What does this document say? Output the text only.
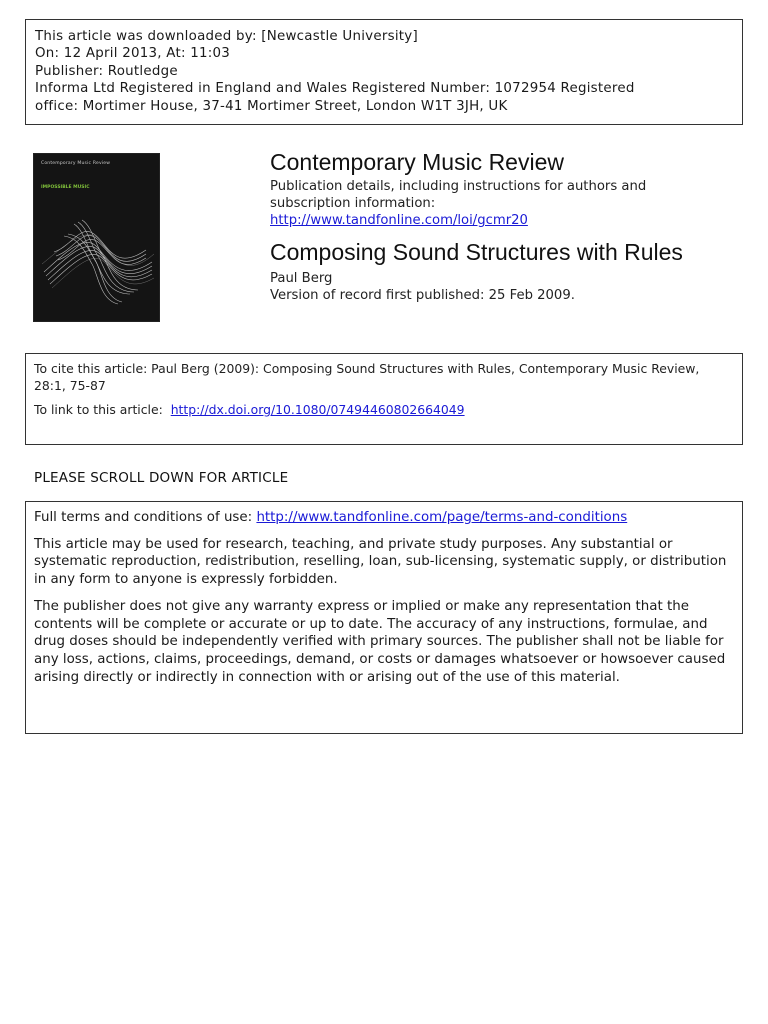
This article was downloaded by: [Newcastle University]
On: 12 April 2013, At: 11:03
Publisher: Routledge
Informa Ltd Registered in England and Wales Registered Number: 1072954 Registered
office: Mortimer House, 37-41 Mortimer Street, London W1T 3JH, UK
Contemporary Music Review
IMPOSSIBLE MUSIC
Contemporary Music Review
Publication details, including instructions for authors and
subscription information:
http://www.tandfonline.com/loi/gcmr20
Composing Sound Structures with Rules
Paul Berg
Version of record first published: 25 Feb 2009.
To cite this article: Paul Berg (2009): Composing Sound Structures with Rules, Contemporary Music Review, 28:1, 75-87
To link to this article: http://dx.doi.org/10.1080/07494460802664049
PLEASE SCROLL DOWN FOR ARTICLE

Full terms and conditions of use: http://www.tandfonline.com/page/terms-and-conditions

This article may be used for research, teaching, and private study purposes. Any substantial or systematic reproduction, redistribution, reselling, loan, sub-licensing, systematic supply, or distribution in any form to anyone is expressly forbidden.

The publisher does not give any warranty express or implied or make any representation that the contents will be complete or accurate or up to date. The accuracy of any instructions, formulae, and drug doses should be independently verified with primary sources. The publisher shall not be liable for any loss, actions, claims, proceedings, demand, or costs or damages whatsoever or howsoever caused arising directly or indirectly in connection with or arising out of the use of this material.
